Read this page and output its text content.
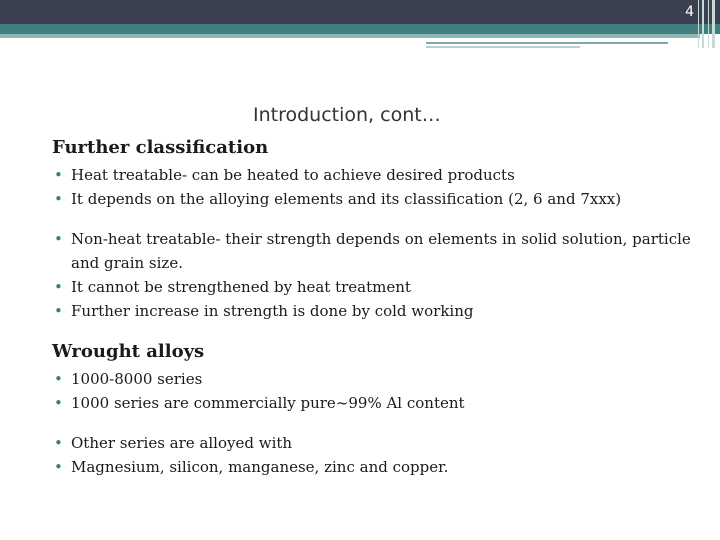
4
Introduction, cont…
Further classification
• Heat treatable- can be heated to achieve desired products
• It depends on the alloying elements and its classification (2, 6 and 7xxx)
• Non-heat treatable- their strength depends on elements in solid solution, particle and grain size.
• It cannot be strengthened by heat treatment
• Further increase in strength is done by cold working
Wrought alloys
• 1000-8000 series
• 1000 series are commercially pure~99% Al content
• Other series are alloyed with
• Magnesium, silicon, manganese, zinc and copper.
